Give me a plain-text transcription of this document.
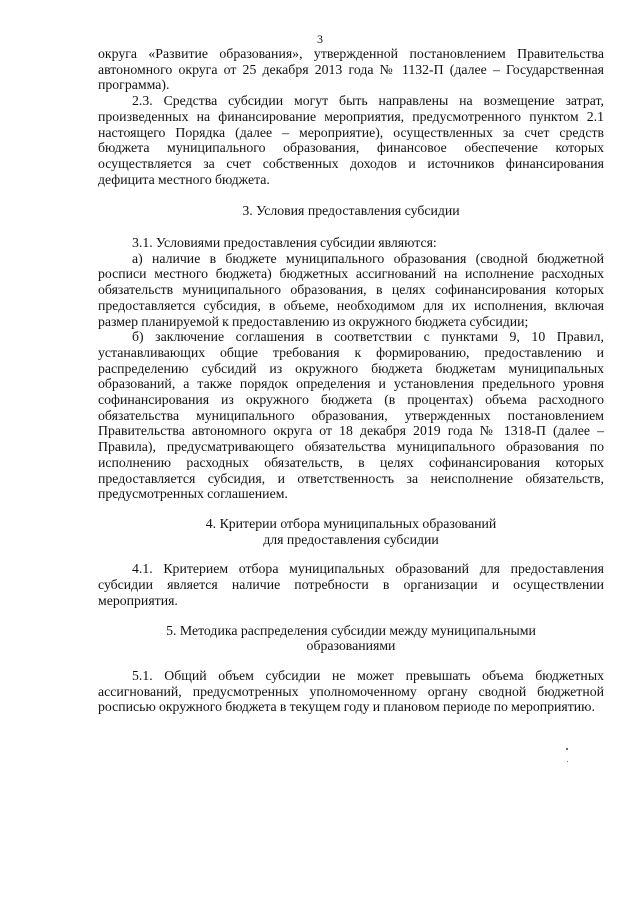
3

округа «Развитие образования», утвержденной постановлением Правительства автономного округа от 25 декабря 2013 года № 1132-П (далее – Государственная программа).

2.3. Средства субсидии могут быть направлены на возмещение затрат, произведенных на финансирование мероприятия, предусмотренного пунктом 2.1 настоящего Порядка (далее – мероприятие), осуществленных за счет средств бюджета муниципального образования, финансовое обеспечение которых осуществляется за счет собственных доходов и источников финансирования дефицита местного бюджета.

3. Условия предоставления субсидии

3.1. Условиями предоставления субсидии являются:

а) наличие в бюджете муниципального образования (сводной бюджетной росписи местного бюджета) бюджетных ассигнований на исполнение расходных обязательств муниципального образования, в целях софинансирования которых предоставляется субсидия, в объеме, необходимом для их исполнения, включая размер планируемой к предоставлению из окружного бюджета субсидии;

б) заключение соглашения в соответствии с пунктами 9, 10 Правил, устанавливающих общие требования к формированию, предоставлению и распределению субсидий из окружного бюджета бюджетам муниципальных образований, а также порядок определения и установления предельного уровня софинансирования из окружного бюджета (в процентах) объема расходного обязательства муниципального образования, утвержденных постановлением Правительства автономного округа от 18 декабря 2019 года № 1318-П (далее – Правила), предусматривающего обязательства муниципального образования по исполнению расходных обязательств, в целях софинансирования которых предоставляется субсидия, и ответственность за неисполнение обязательств, предусмотренных соглашением.

4. Критерии отбора муниципальных образований
для предоставления субсидии

4.1. Критерием отбора муниципальных образований для предоставления субсидии является наличие потребности в организации и осуществлении мероприятия.

5. Методика распределения субсидии между муниципальными
образованиями

5.1. Общий объем субсидии не может превышать объема бюджетных ассигнований, предусмотренных уполномоченному органу сводной бюджетной росписью окружного бюджета в текущем году и плановом периоде по мероприятию.
